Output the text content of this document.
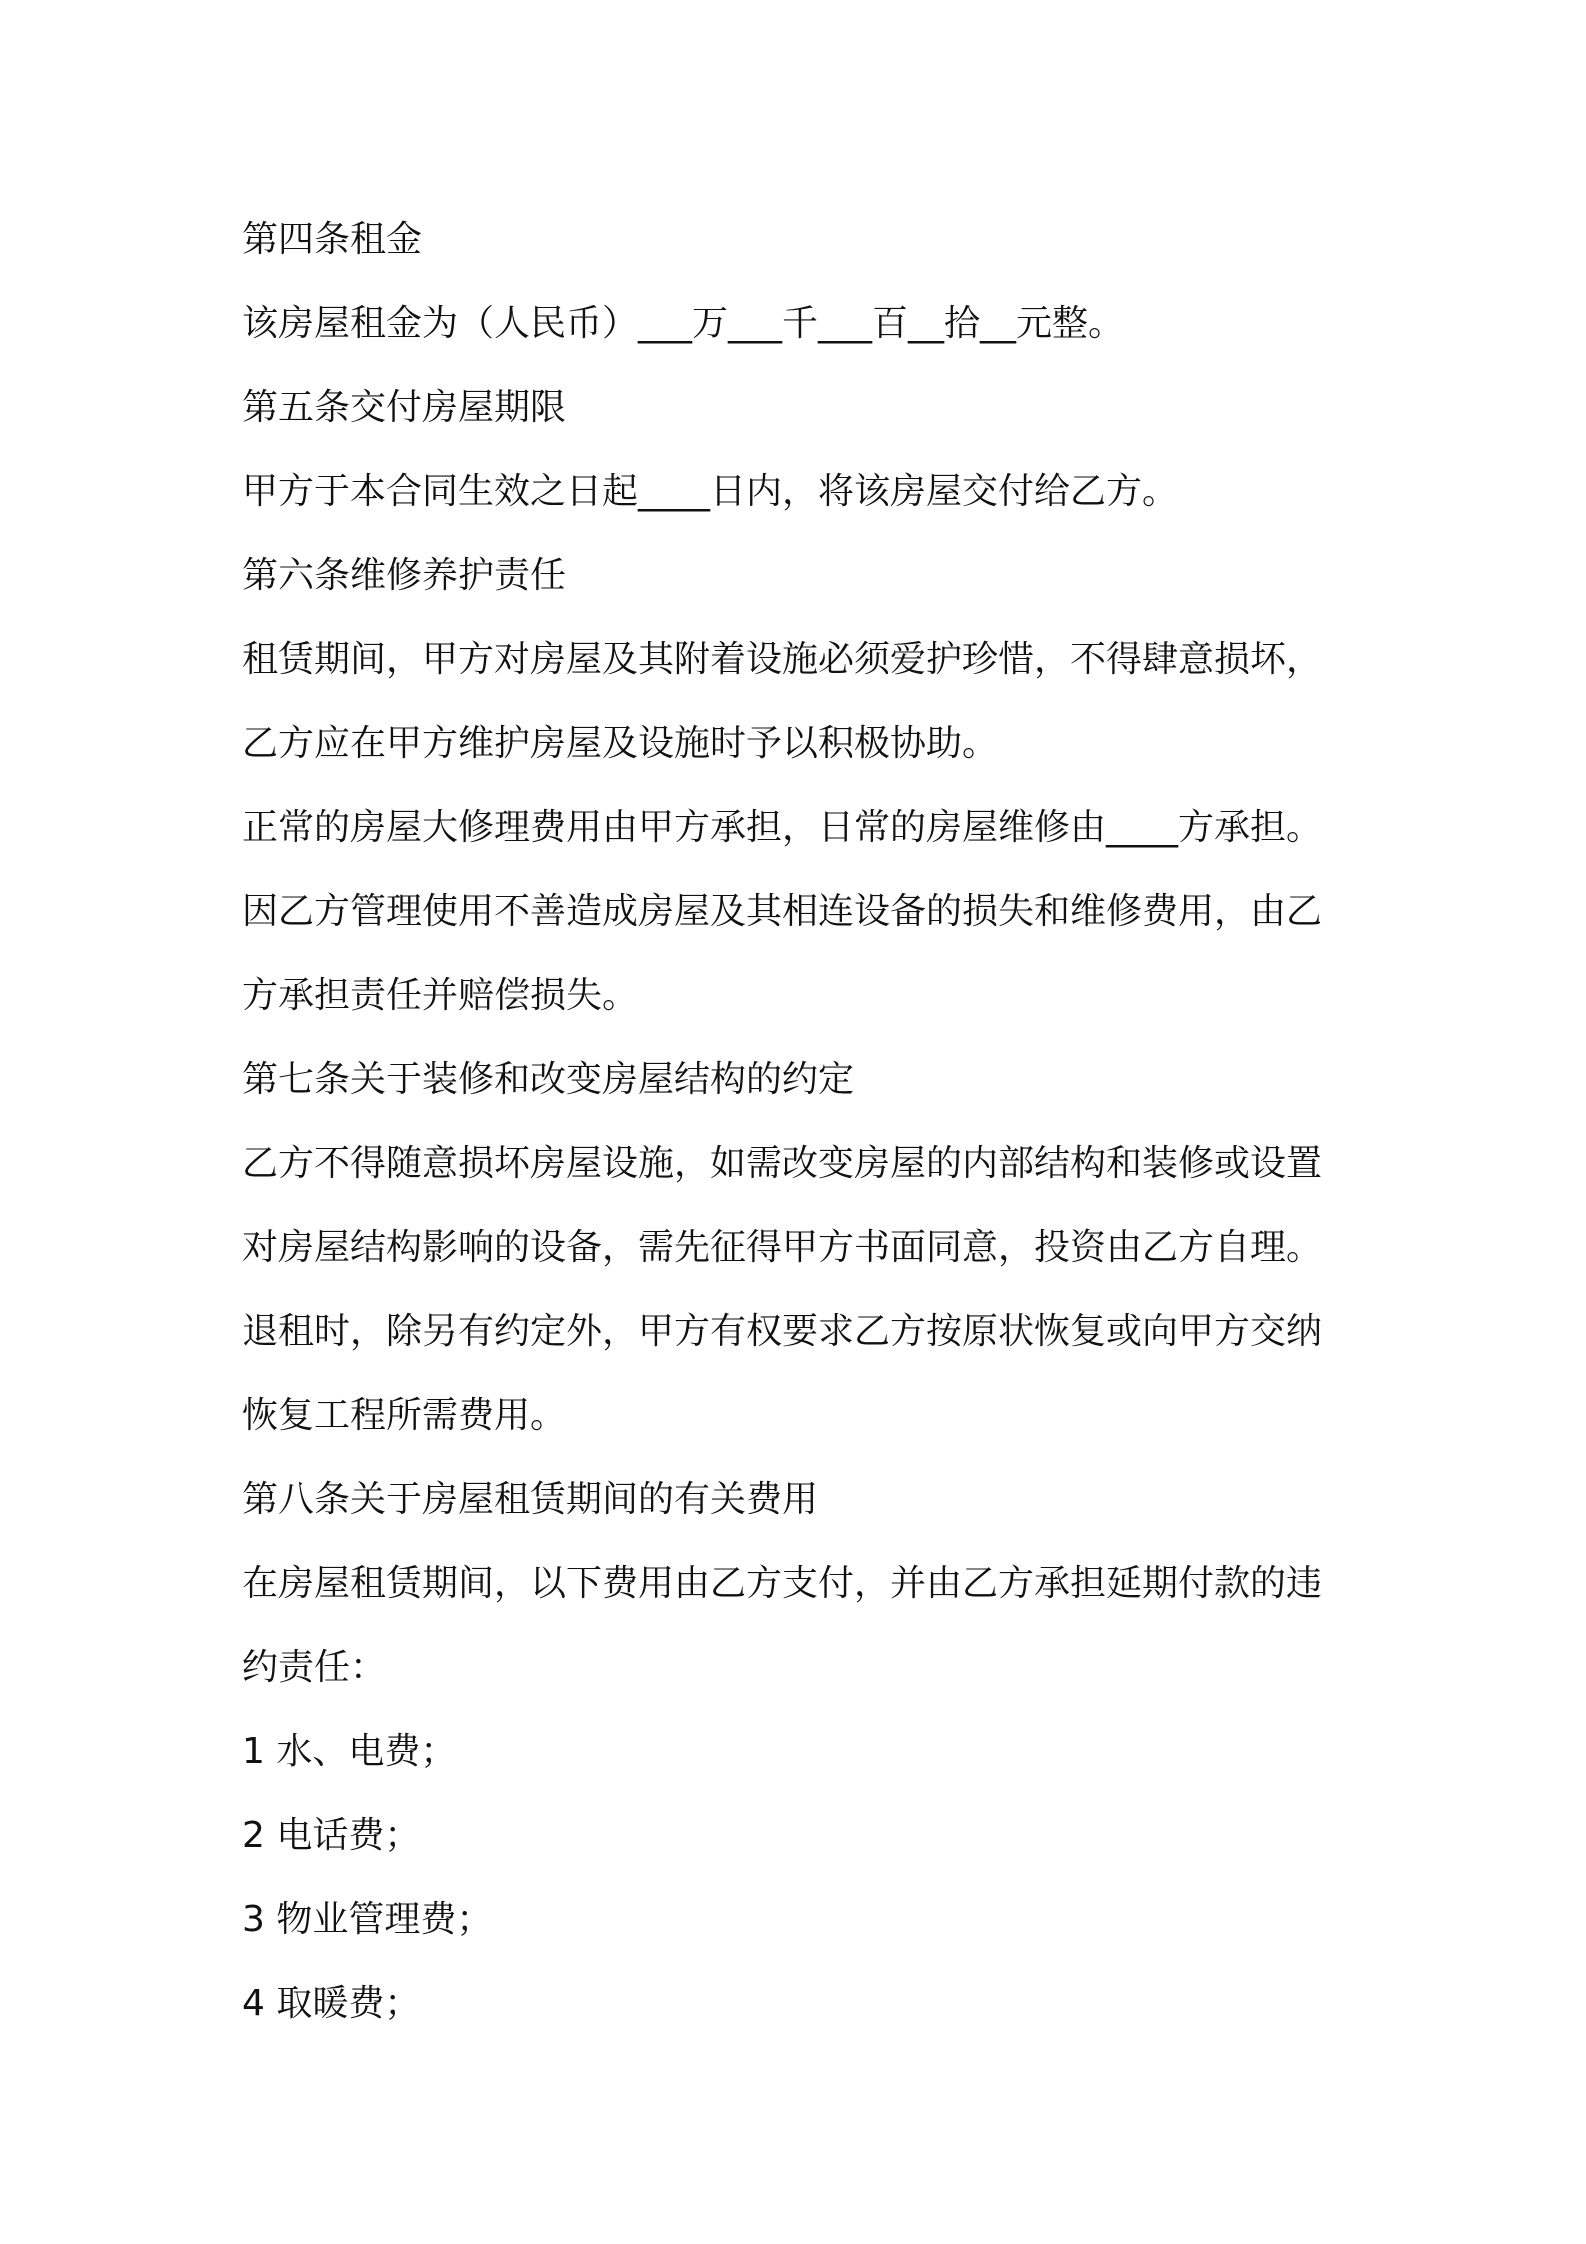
第四条租金
该房屋租金为（人民币）___万___千___百__拾__元整。
第五条交付房屋期限
甲方于本合同生效之日起____日内，将该房屋交付给乙方。
第六条维修养护责任
租赁期间，甲方对房屋及其附着设施必须爱护珍惜，不得肆意损坏，
乙方应在甲方维护房屋及设施时予以积极协助。
正常的房屋大修理费用由甲方承担，日常的房屋维修由____方承担。
因乙方管理使用不善造成房屋及其相连设备的损失和维修费用，由乙
方承担责任并赔偿损失。
第七条关于装修和改变房屋结构的约定
乙方不得随意损坏房屋设施，如需改变房屋的内部结构和装修或设置
对房屋结构影响的设备，需先征得甲方书面同意，投资由乙方自理。
退租时，除另有约定外，甲方有权要求乙方按原状恢复或向甲方交纳
恢复工程所需费用。
第八条关于房屋租赁期间的有关费用
在房屋租赁期间，以下费用由乙方支付，并由乙方承担延期付款的违
约责任：
1 水、电费；
2 电话费；
3 物业管理费；
4 取暖费；
